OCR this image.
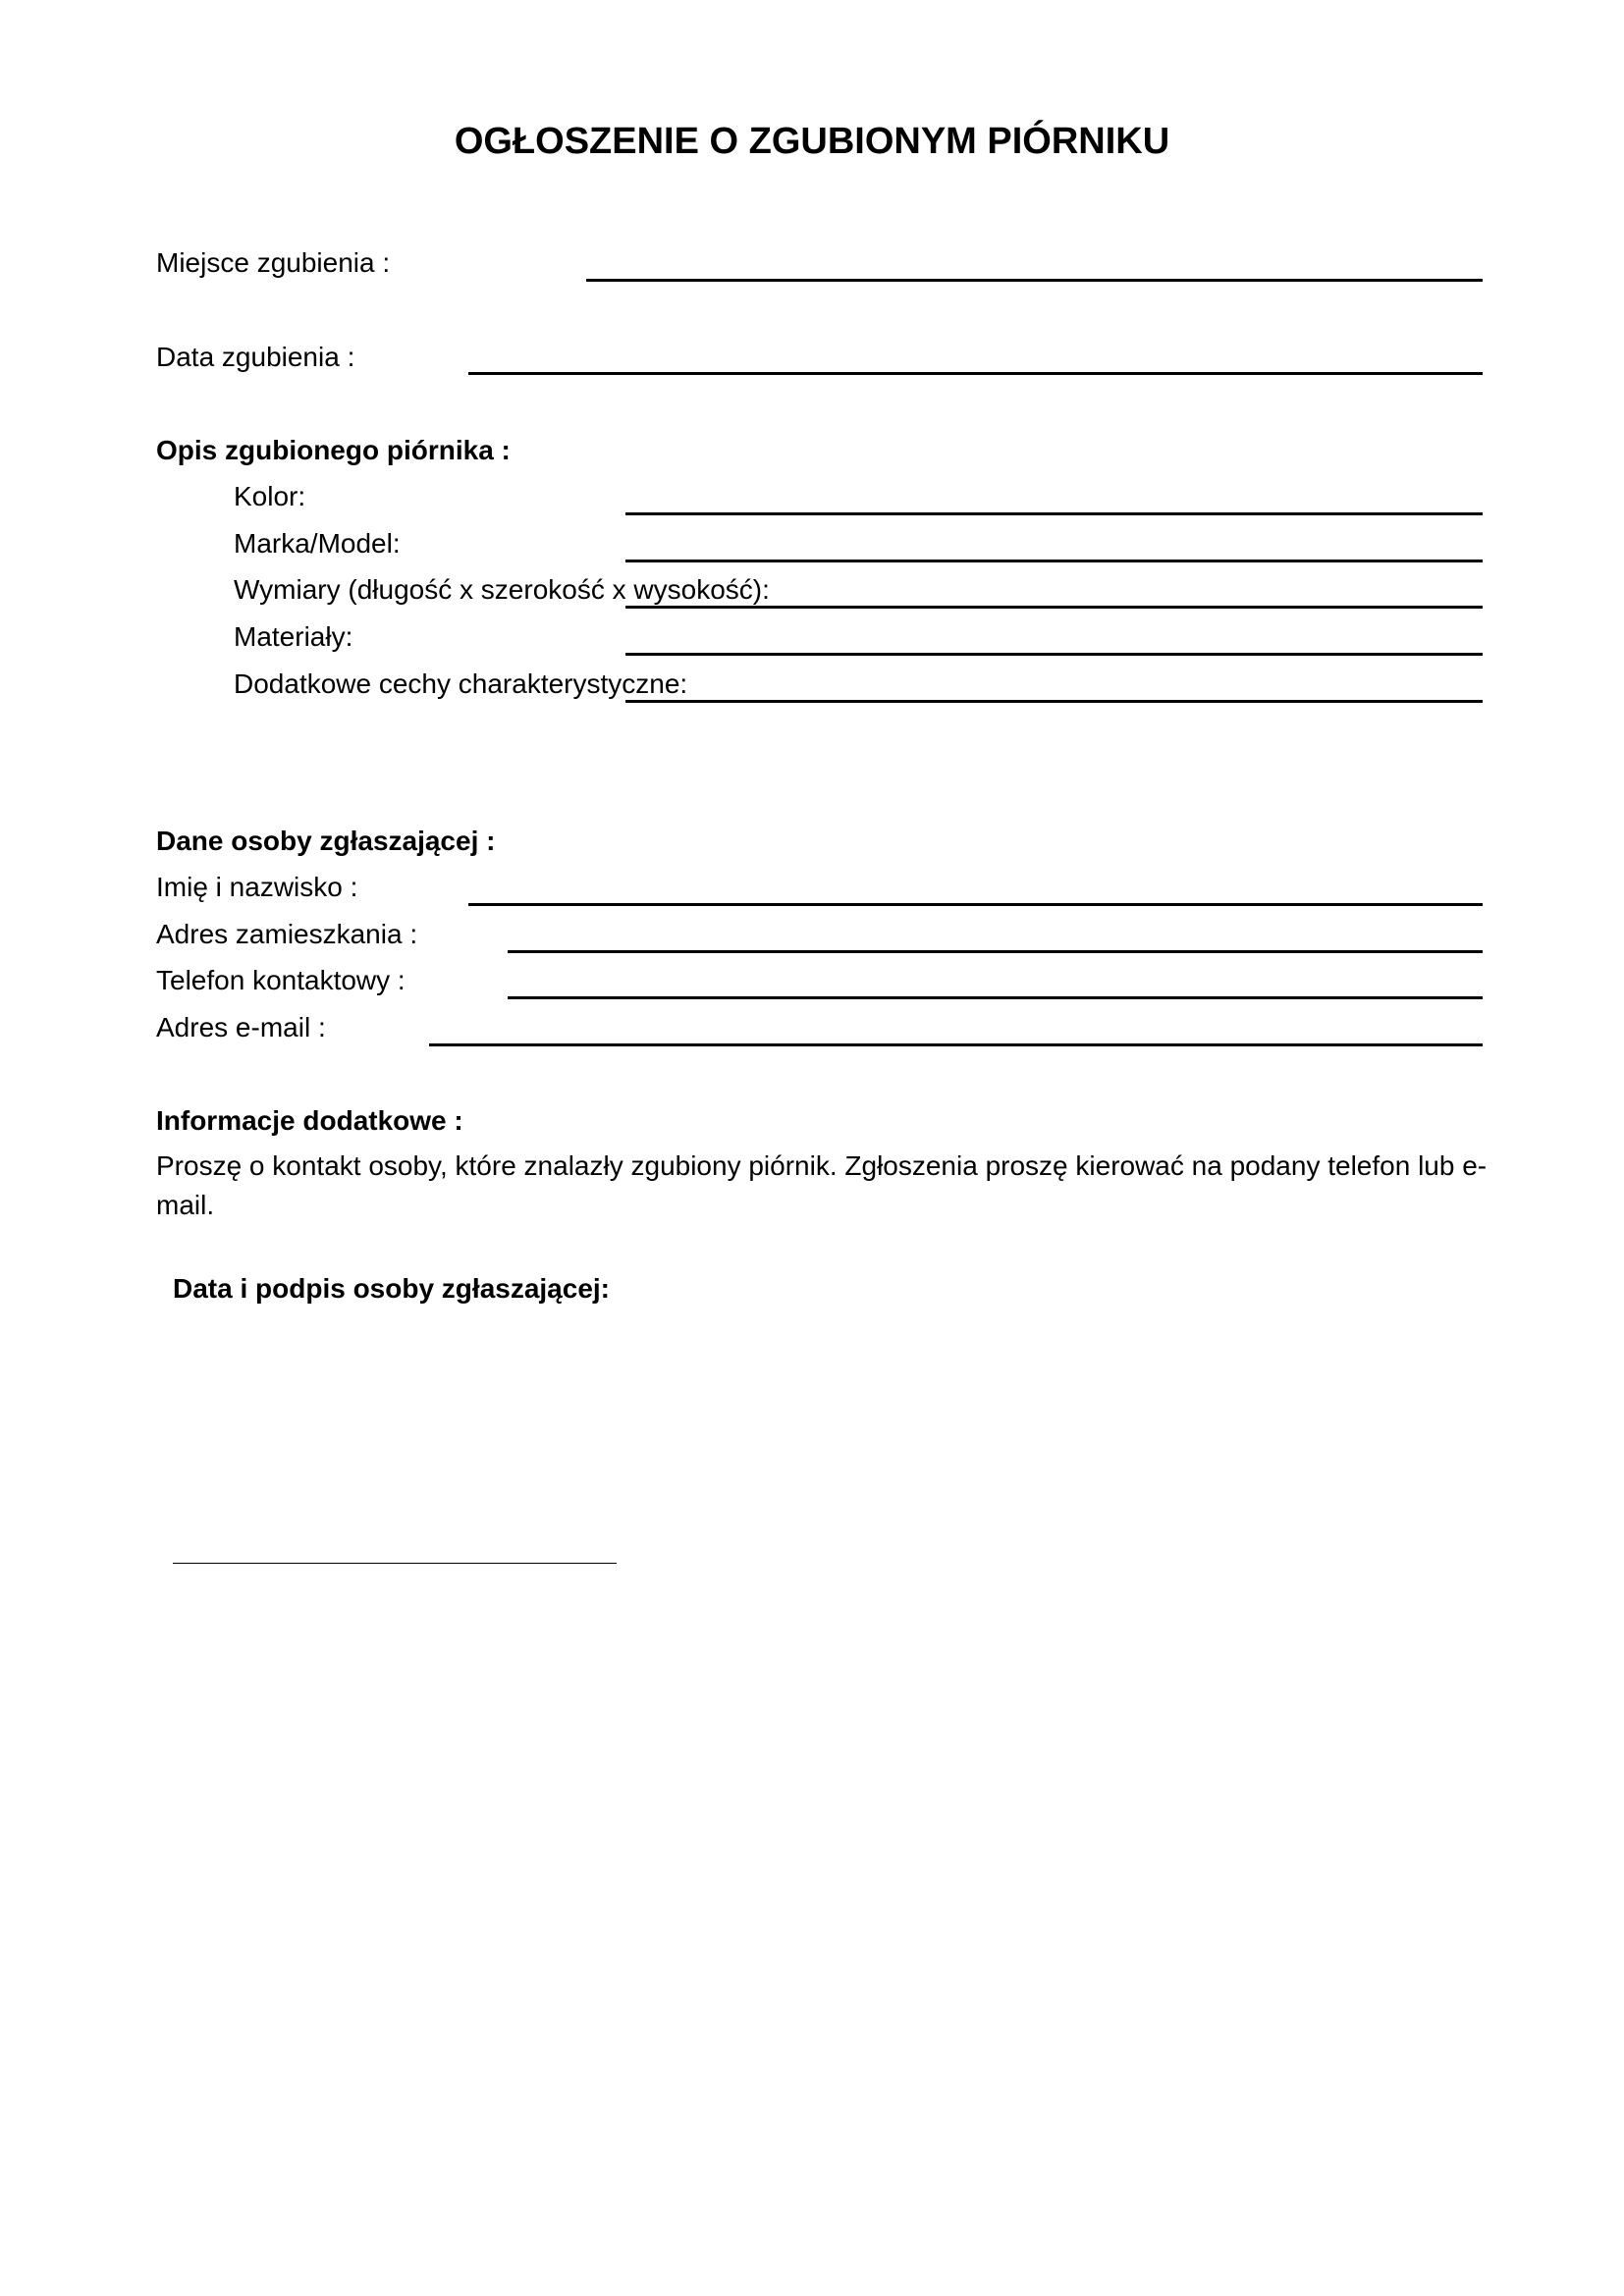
OGŁOSZENIE O ZGUBIONYM PIÓRNIKU
Miejsce zgubienia :
Data zgubienia :
Opis zgubionego piórnika :
Kolor:
Marka/Model:
Wymiary (długość x szerokość x wysokość):
Materiały:
Dodatkowe cechy charakterystyczne:
Dane osoby zgłaszającej :
Imię i nazwisko :
Adres zamieszkania :
Telefon kontaktowy :
Adres e-mail :
Informacje dodatkowe :
Proszę o kontakt osoby, które znalazły zgubiony piórnik. Zgłoszenia proszę kierować na podany telefon lub e-mail.
Data i podpis osoby zgłaszającej:
